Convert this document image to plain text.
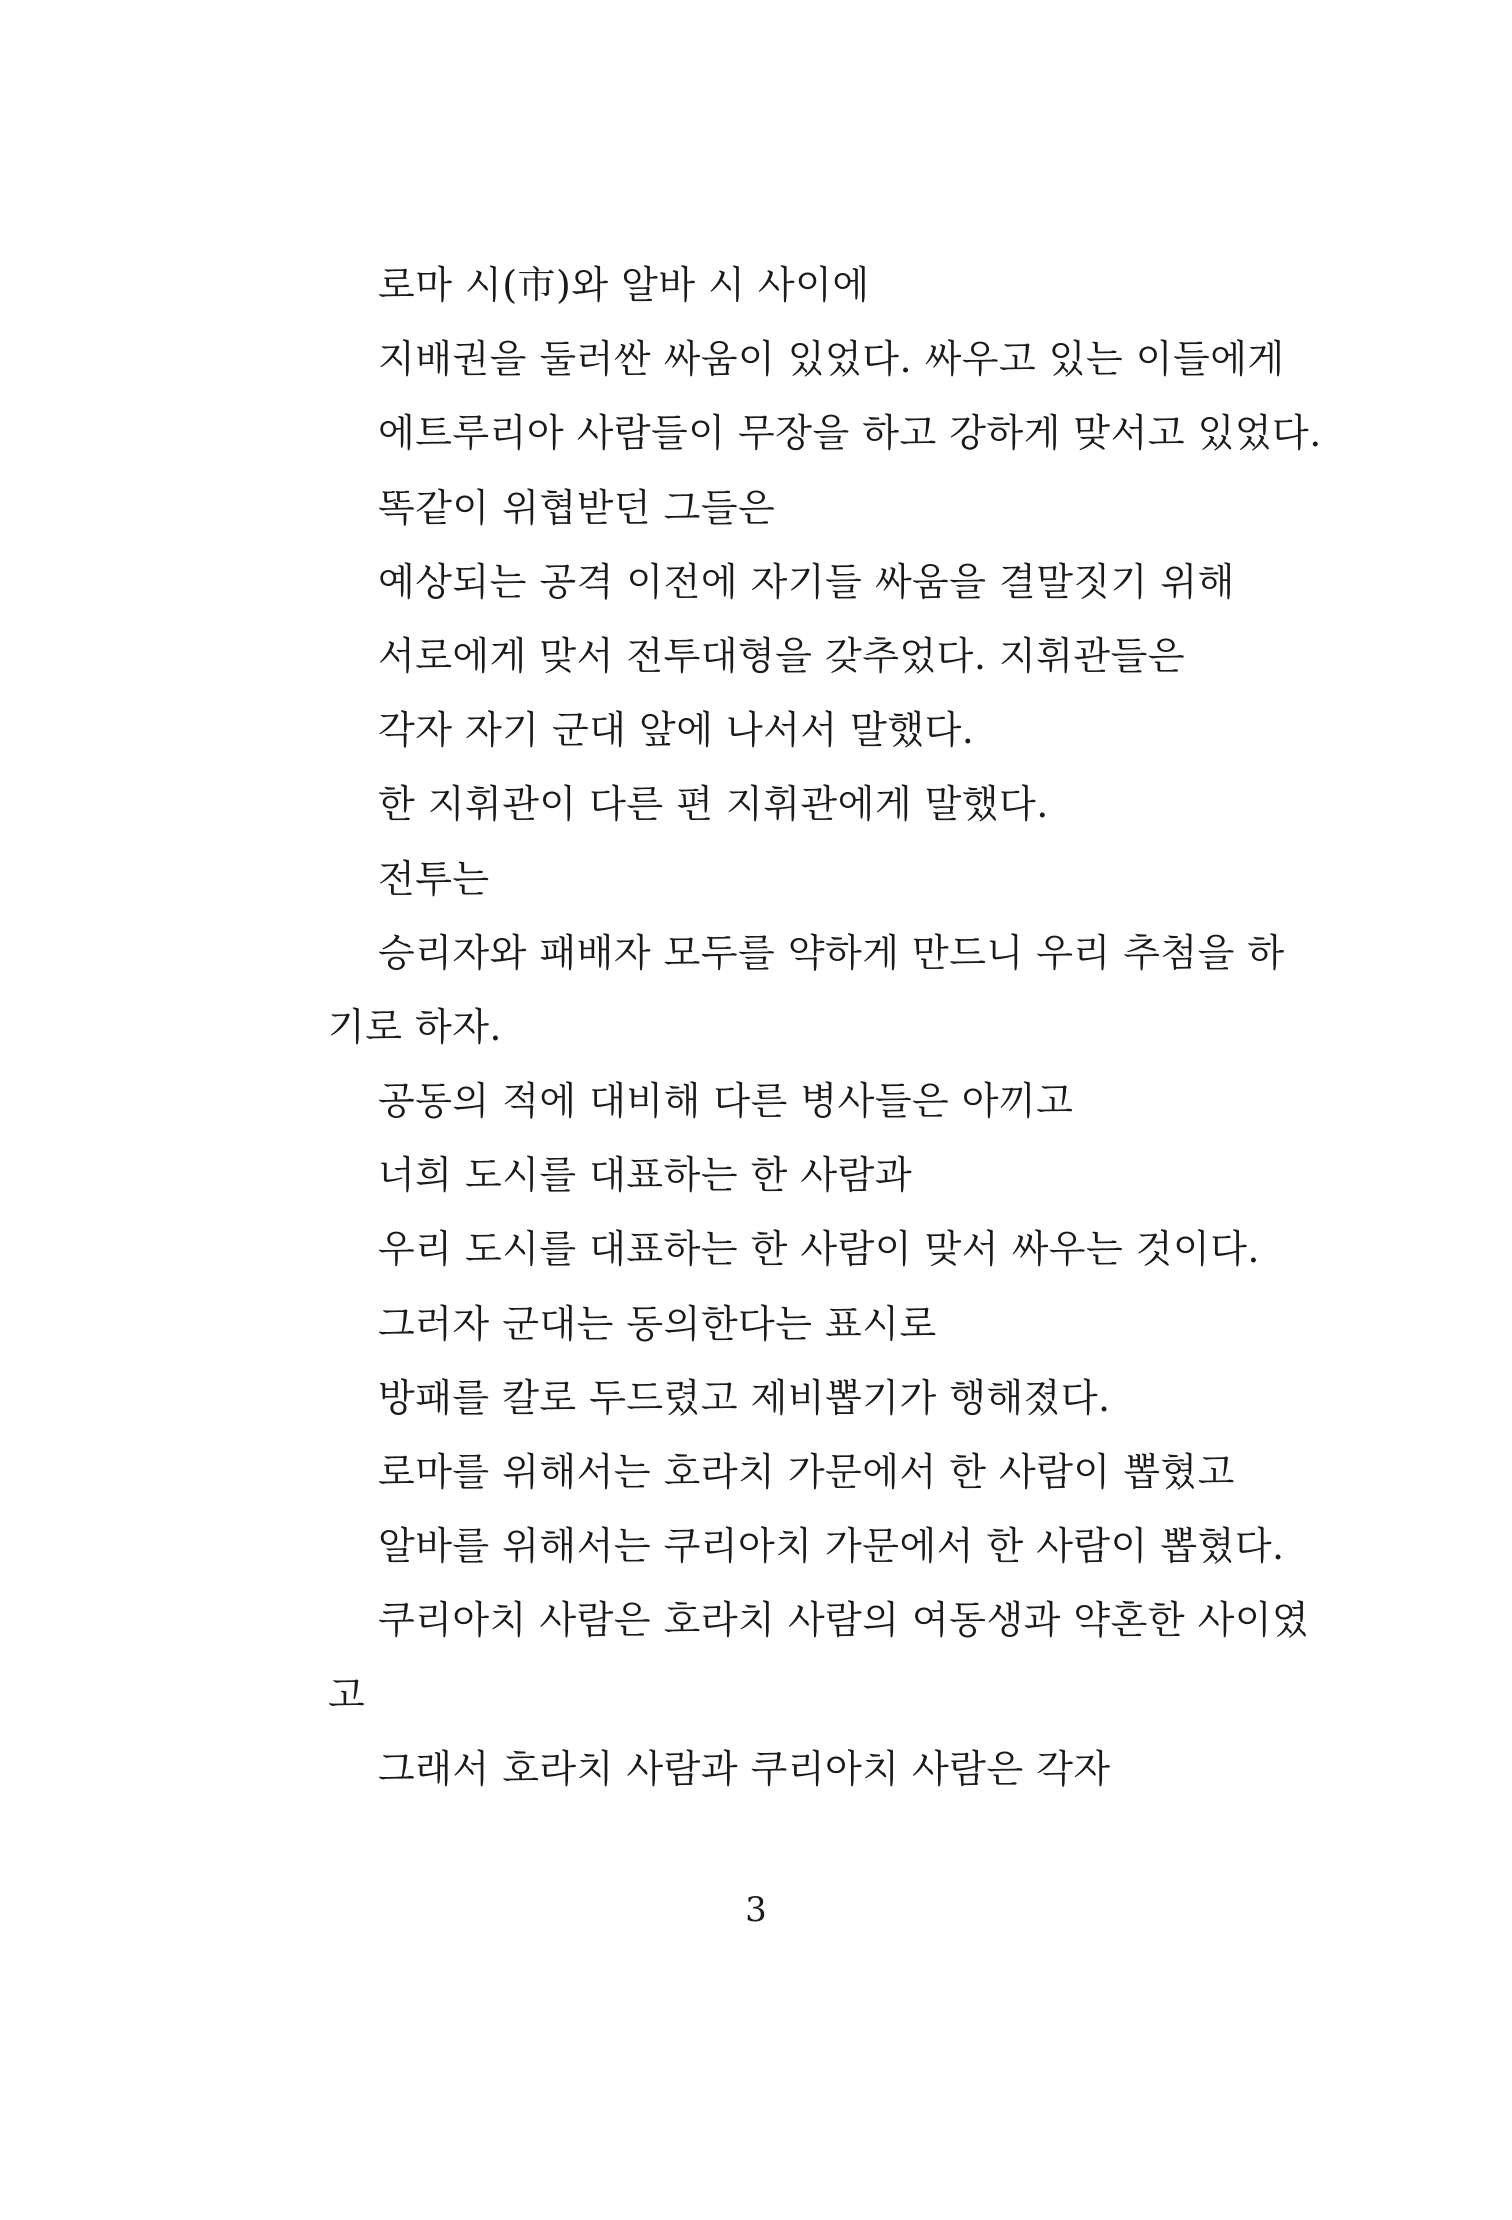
로마 시(市)와 알바 시 사이에
지배권을 둘러싼 싸움이 있었다. 싸우고 있는 이들에게
에트루리아 사람들이 무장을 하고 강하게 맞서고 있었다.
똑같이 위협받던 그들은
예상되는 공격 이전에 자기들 싸움을 결말짓기 위해
서로에게 맞서 전투대형을 갖추었다. 지휘관들은
각자 자기 군대 앞에 나서서 말했다.
한 지휘관이 다른 편 지휘관에게 말했다.
전투는
승리자와 패배자 모두를 약하게 만드니 우리 추첨을 하
기로 하자.
공동의 적에 대비해 다른 병사들은 아끼고
너희 도시를 대표하는 한 사람과
우리 도시를 대표하는 한 사람이 맞서 싸우는 것이다.
그러자 군대는 동의한다는 표시로
방패를 칼로 두드렸고 제비뽑기가 행해졌다.
로마를 위해서는 호라치 가문에서 한 사람이 뽑혔고
알바를 위해서는 쿠리아치 가문에서 한 사람이 뽑혔다.
쿠리아치 사람은 호라치 사람의 여동생과 약혼한 사이였
고
그래서 호라치 사람과 쿠리아치 사람은 각자
3
